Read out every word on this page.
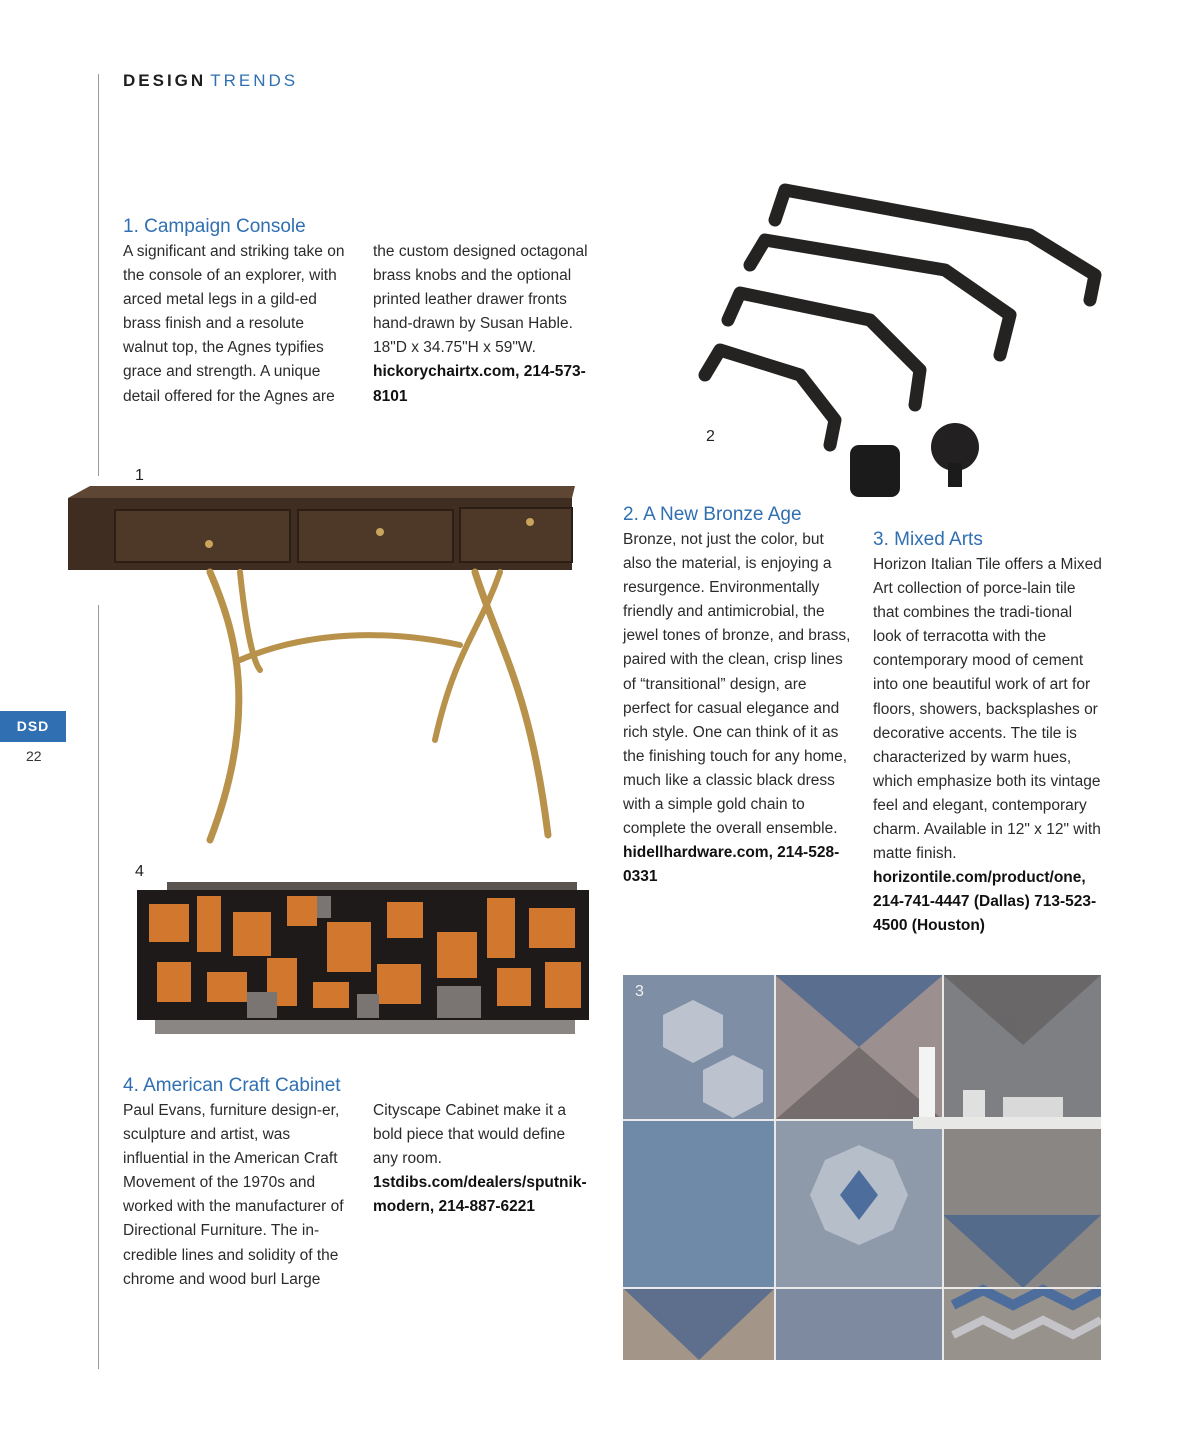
DESIGN TRENDS
DSD
22
1. Campaign Console

A significant and striking take on the console of an explorer, with arced metal legs in a gild-ed brass finish and a resolute walnut top, the Agnes typifies grace and strength. A unique detail offered for the Agnes are

the custom designed octagonal brass knobs and the optional printed leather drawer fronts hand-drawn by Susan Hable. 18"D x 34.75"H x 59"W. hickorychairtx.com, 214-573-8101
1
2
2. A New Bronze Age
Bronze, not just the color, but also the material, is enjoying a resurgence. Environmentally friendly and antimicrobial, the jewel tones of bronze, and brass, paired with the clean, crisp lines of “transitional” design, are perfect for casual elegance and rich style. One can think of it as the finishing touch for any home, much like a classic black dress with a simple gold chain to complete the overall ensemble. hidellhardware.com, 214-528-0331
3. Mixed Arts
Horizon Italian Tile offers a Mixed Art collection of porce-lain tile that combines the tradi-tional look of terracotta with the contemporary mood of cement into one beautiful work of art for floors, showers, backsplashes or decorative accents. The tile is characterized by warm hues, which emphasize both its vintage feel and elegant, contemporary charm. Available in 12" x 12" with matte finish. horizontile.com/product/one, 214-741-4447 (Dallas) 713-523-4500 (Houston)
3
4
4. American Craft Cabinet

Paul Evans, furniture design-er, sculpture and artist, was influential in the American Craft Movement of the 1970s and worked with the manufacturer of Directional Furniture. The in-credible lines and solidity of the chrome and wood burl Large

Cityscape Cabinet make it a bold piece that would define any room. 1stdibs.com/dealers/sputnik-modern, 214-887-6221
